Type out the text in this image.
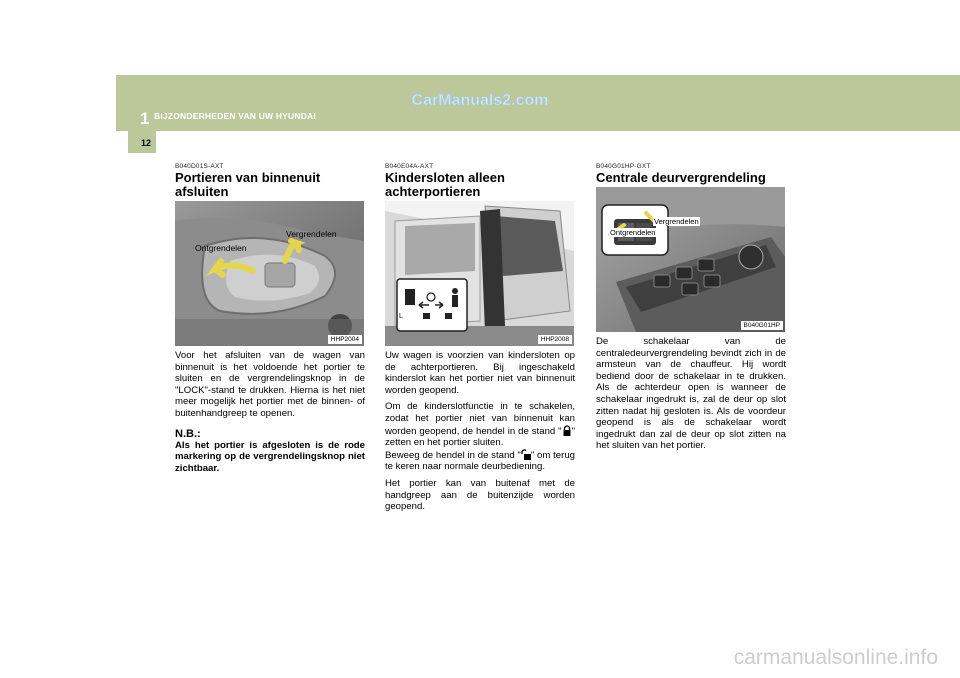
1 BIJZONDERHEDEN VAN UW HYUNDAI
CarManuals2.com
12
B040D01S-AXT
Portieren van binnenuit afsluiten
Ontgrendelen
Vergrendelen
HHP2004

Voor het afsluiten van de wagen van binnenuit is het voldoende het portier te sluiten en de vergrendelingsknop in de "LOCK"-stand te drukken. Hierna is het niet meer mogelijk het portier met de binnen- of buitenhandgreep te openen.

N.B.:
Als het portier is afgesloten is de rode markering op de vergrendelingsknop niet zichtbaar.
B040E04A-AXT
Kindersloten alleen achterportieren
L
HHP2008

Uw wagen is voorzien van kindersloten op de achterportieren. Bij ingeschakeld kinderslot kan het portier niet van binnenuit worden geopend.

Om de kinderslotfunctie in te schakelen, zodat het portier niet van binnenuit kan worden geopend, de hendel in de stand " " zetten en het portier sluiten.
Beweeg de hendel in de stand " " om terug te keren naar normale deurbediening.

Het portier kan van buitenaf met de handgreep aan de buitenzijde worden geopend.

B040G01HP-GXT
Centrale deurvergrendeling
Ontgrendelen
Vergrendelen
B040G01HP

De schakelaar van de centraledeurvergrendeling bevindt zich in de armsteun van de chauffeur. Hij wordt bediend door de schakelaar in te drukken. Als de achterdeur open is wanneer de schakelaar ingedrukt is, zal de deur op slot zitten nadat hij gesloten is. Als de voordeur geopend is als de schakelaar wordt ingedrukt dan zal de deur op slot zitten na het sluiten van het portier.

carmanualsonline.info
